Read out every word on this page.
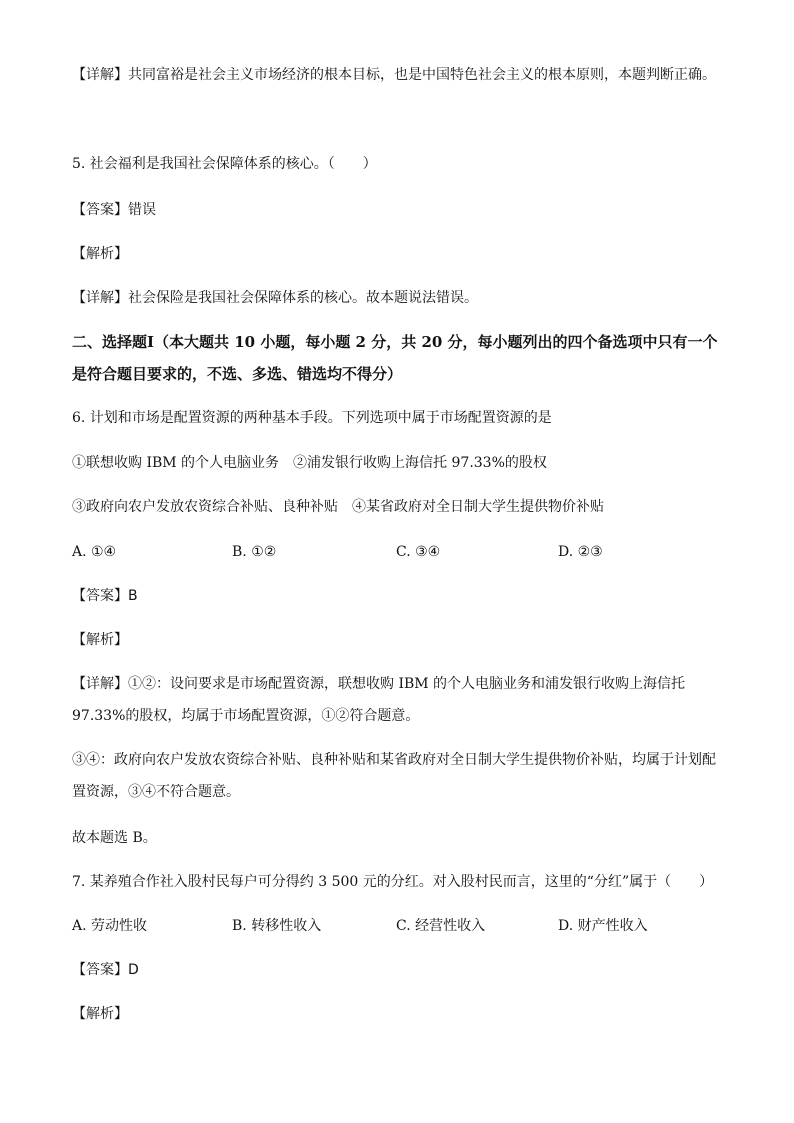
【详解】共同富裕是社会主义市场经济的根本目标，也是中国特色社会主义的根本原则，本题判断正确。
5. 社会福利是我国社会保障体系的核心。（　　）
【答案】错误
【解析】
【详解】社会保险是我国社会保障体系的核心。故本题说法错误。
二、选择题Ⅰ（本大题共 10 小题，每小题 2 分，共 20 分，每小题列出的四个备选项中只有一个是符合题目要求的，不选、多选、错选均不得分）
6. 计划和市场是配置资源的两种基本手段。下列选项中属于市场配置资源的是
①联想收购 IBM 的个人电脑业务　②浦发银行收购上海信托 97.33%的股权
③政府向农户发放农资综合补贴、良种补贴　④某省政府对全日制大学生提供物价补贴
A. ①④	B. ①②	C. ③④	D. ②③
【答案】B
【解析】
【详解】①②：设问要求是市场配置资源，联想收购 IBM 的个人电脑业务和浦发银行收购上海信托 97.33%的股权，均属于市场配置资源，①②符合题意。
③④：政府向农户发放农资综合补贴、良种补贴和某省政府对全日制大学生提供物价补贴，均属于计划配置资源，③④不符合题意。
故本题选 B。
7. 某养殖合作社入股村民每户可分得约 3 500 元的分红。对入股村民而言，这里的“分红”属于（　　）
A. 劳动性收	B. 转移性收入	C. 经营性收入	D. 财产性收入
【答案】D
【解析】
